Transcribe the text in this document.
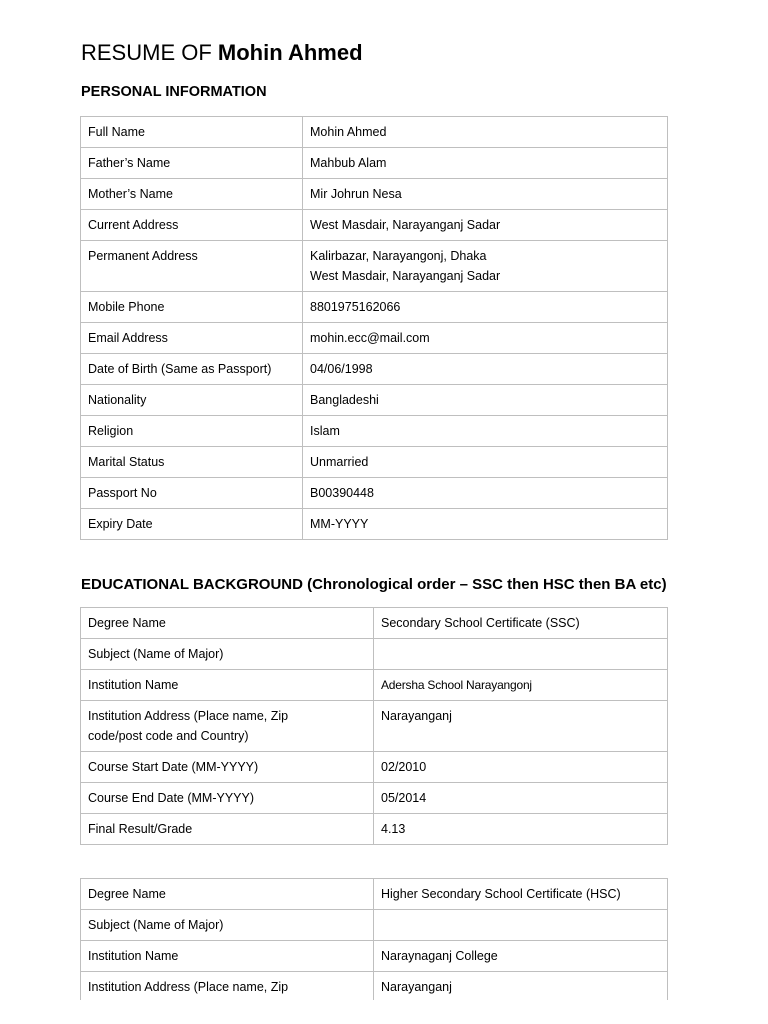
RESUME OF Mohin Ahmed
PERSONAL INFORMATION
Full Name	Mohin Ahmed
Father’s Name	Mahbub Alam
Mother’s Name	Mir Johrun Nesa
Current Address	West Masdair, Narayanganj Sadar
Permanent Address	Kalirbazar, Narayangonj, Dhaka
West Masdair, Narayanganj Sadar
Mobile Phone	8801975162066
Email Address	mohin.ecc@mail.com
Date of Birth (Same as Passport)	04/06/1998
Nationality	Bangladeshi
Religion	Islam
Marital Status	Unmarried
Passport No	B00390448
Expiry Date	MM-YYYY
EDUCATIONAL BACKGROUND (Chronological order – SSC then HSC then BA etc)
Degree Name	Secondary School Certificate (SSC)
Subject (Name of Major)	
Institution Name	Adersha School Narayangonj
Institution Address (Place name, Zip
code/post code and Country)	Narayanganj
Course Start Date (MM-YYYY)	02/2010
Course End Date (MM-YYYY)	05/2014
Final Result/Grade	4.13
Degree Name	Higher Secondary School Certificate (HSC)
Subject (Name of Major)	
Institution Name	Naraynaganj College
Institution Address (Place name, Zip	Narayanganj
